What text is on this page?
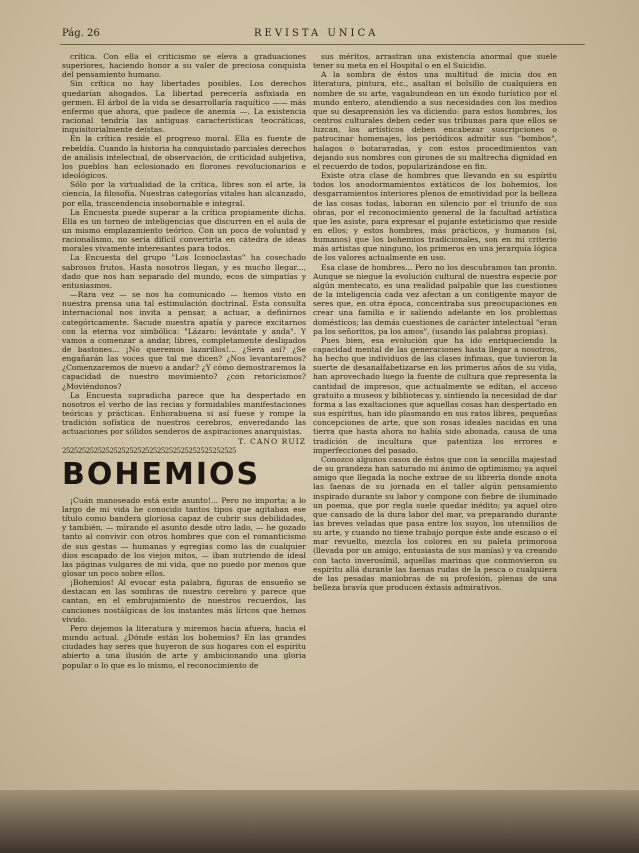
Pág. 26	REVISTA UNICA

crítica. Con ella el criticismo se eleva a graduaciones superiores, haciendo honor a su valer de preciosa conquista del pensamiento humano.

Sin crítica no hay libertades posibles. Los derechos quedarían ahogados. La libertad perecería asfixiada en germen. El árbol de la vida se desarrollaría raquítico —— más enfermo que ahora, que padece de anemia —. La existencia racional tendría las antiguas características teocráticas, inquisitorialmente deístas.

En la crítica reside el progreso moral. Ella es fuente de rebeldía. Cuando la historia ha conquistado parciales derechos de análisis intelectual, de observación, de criticidad subjetiva, los pueblos han eclosionado en florones revolucionarios e ideológicos.

Sólo por la virtualidad de la crítica, libres son el arte, la ciencia, la filosofía. Nuestras categorías vitales han alcanzado, por ella, trascendencia insobornable e integral.

La Encuesta puede superar a la crítica propiamente dicha. Ella es un torneo de inteligencias que discurren en el aula de un mismo emplazamiento teórico. Con un poco de voluntad y racionalismo, no sería difícil convertirla en cátedra de ideas morales vivamente interesantes para todos.

La Encuesta del grupo "Los Iconoclastas" ha cosechado sabrosos frutos. Hasta nosotros llegan, y es mucho llegar..., dado que nos han separado del mundo, ecos de simpatías y entusiasmos.

—Rara vez — se nos ha comunicado — hemos visto en nuestra prensa una tal estimulación doctrinal. Esta consulta internacional nos invita a pensar, a actuar, a definirnos categóricamente. Sacude nuestra apatía y parece excitarnos con la eterna voz simbólica: "Lázaro: levántate y anda". Y vamos a comenzar a andar, libres, completamente desligados de bastones... ¡No queremos lazarillos!... ¿Será así? ¿Se engañarán las voces que tal me dicen? ¿Nos levantaremos? ¿Comenzaremos de nuevo a andar? ¿Y cómo demostraremos la capacidad de nuestro movimiento? ¿con retoricismos? ¿Moviéndonos?

La Encuesta supradicha parece que ha despertado en nosotros el verbo de las recias y formidables manifestaciones teóricas y prácticas. Enhorabuena si así fuese y rompe la tradición sofística de nuestros cerebros, enveredando las actuaciones por sólidos senderos de aspiraciones anarquistas.

T. CANO RUIZ

25252525252525252525252525252525252525252525
BOHEMIOS

¡Cuán manoseado está este asunto!... Pero no importa; a lo largo de mi vida he conocido tantos tipos que agitaban ese título como bandera gloriosa capaz de cubrir sus debilidades, y también, — mirando el asunto desde otro lado, — he gozado tanto al convivir con otros hombres que con el romanticismo de sus gestas — humanas y egregias como las de cualquier dios escapado de los viejos mitos, — iban nutriendo de ideal las páginas vulgares de mi vida, que no puedo por menos que glosar un poco sobre ellos.

¡Bohemios! Al evocar esta palabra, figuras de ensueño se destacan en las sombras de nuestro cerebro y parece que cantan, en el embrujamiento de nuestros recuerdos, las canciones nostálgicas de los instantes más líricos que hemos vivido.

Pero dejemos la literatura y miremos hacia afuera, hacia el mundo actual. ¿Dónde están los bohemios? En las grandes ciudades hay seres que huyeron de sus hogares con el espíritu abierto a una ilusión de arte y ambicionando una gloria popular o lo que es lo mismo, el reconocimiento de

sus méritos, arrastran una existencia anormal que suele tener su meta en el Hospital o en el Suicidio.

A la sombra de éstos una multitud de inicia dos en literatura, pintura, etc., asaltan el bolsillo de cualquiera en nombre de su arte, vagabundean en un éxodo turístico por el mundo entero, atendiendo a sus necesidades con los medios que su desaprensión les va diciendo: para estos hombres, los centros culturales deben ceder sus tribunas para que ellos se luzcan, los artísticos deben encabezar suscripciones o patrocinar homenajes, los periódicos admitir sus "bombos", halagos o botarатadas, y con estos procedimientos van dejando sus nombres con girones de su maltrecha dignidad en el recuerdo de todos, popularizándose en fin.

Existe otra clase de hombres que llevando en su espíritu todos los anodormamientos extáticos de los bohemios, los desgarramientos interiores plenos de emotividad por la belleza de las cosas todas, laboran en silencio por el triunfo de sus obras, por el reconocimiento general de la facultad artística que les asiste, para expresar el pujante esteticismo que reside en ellos; y estos hombres, más prácticos, y humanos (si, humanos) que los bohemios tradicionales, son en mi criterio más artistas que ninguno, los primeros en una jerarquía lógica de los valores actualmente en uso.

Esa clase de hombres... Pero no los descubramos tan pronto. Aunque se niegue la evolución cultural de nuestra especie por algún mentecato, es una realidad palpable que las cuestiones de la inteligencia cada vez afectan a un contigente mayor de seres que, en otra época, concentraba sus preocupaciones en crear una familia e ir saliendo adelante en los problemas domésticos; las demás cuestiones de carácter intelectual "eran pa los señoritos, pa los amos", (usando las palabras propias).

Pues bien, esa evolución que ha ido enriqueciendo la capacidad mental de las generaciones hasta llegar a nosotros, ha hecho que individuos de las clases ínfimas, que tuvieron la suerte de desanalfabetizarse en los primeros años de su vida, han aprovechado luego la fuente de cultura que representa la cantidad de impresos, que actualmente se editan, el acceso gratuito a museos y bibliotecas y, sintiendo la necesidad de dar forma a las exaltaciones que aquellas cosas han despertado en sus espíritus, han ido plasmando en sus ratos libres, pequeñas concepciones de arte, que son rosas ideales nacidas en una tierra que hasta ahora no había sido abonada, causa de una tradición de incultura que patentiza los errores e imperfecciones del pasado.

Conozco algunos casos de éstos que con la sencilla majestad de su grandeza han saturado mi ánimo de optimismo; ya aquel amigo que llegada la noche extrae de su librería donde anota las faenas de su jornada en el taller algún pensamiento inspirado durante su labor y compone con fiebre de iluminado un poema, que por regla suele quedar inédito; ya aquel otro que cansado de la dura labor del mar, va preparando durante las breves veladas que pasa entre los suyos, los utensilios de su arte, y cuando no tiene trabajo porque éste ande escaso o el mar revuelto, mezcla los colores en su paleta primorosa (llevada por un amigo, entusiasta de sus manías) y va creando con tacto inverosímil, aquellas marinas que conmovieron su espíritu allá durante las faenas rudas de la pesca o cualquiera de las pesadas maniobras de su profesión, plenas de una belleza bravía que producen éxtasis admirativos.
